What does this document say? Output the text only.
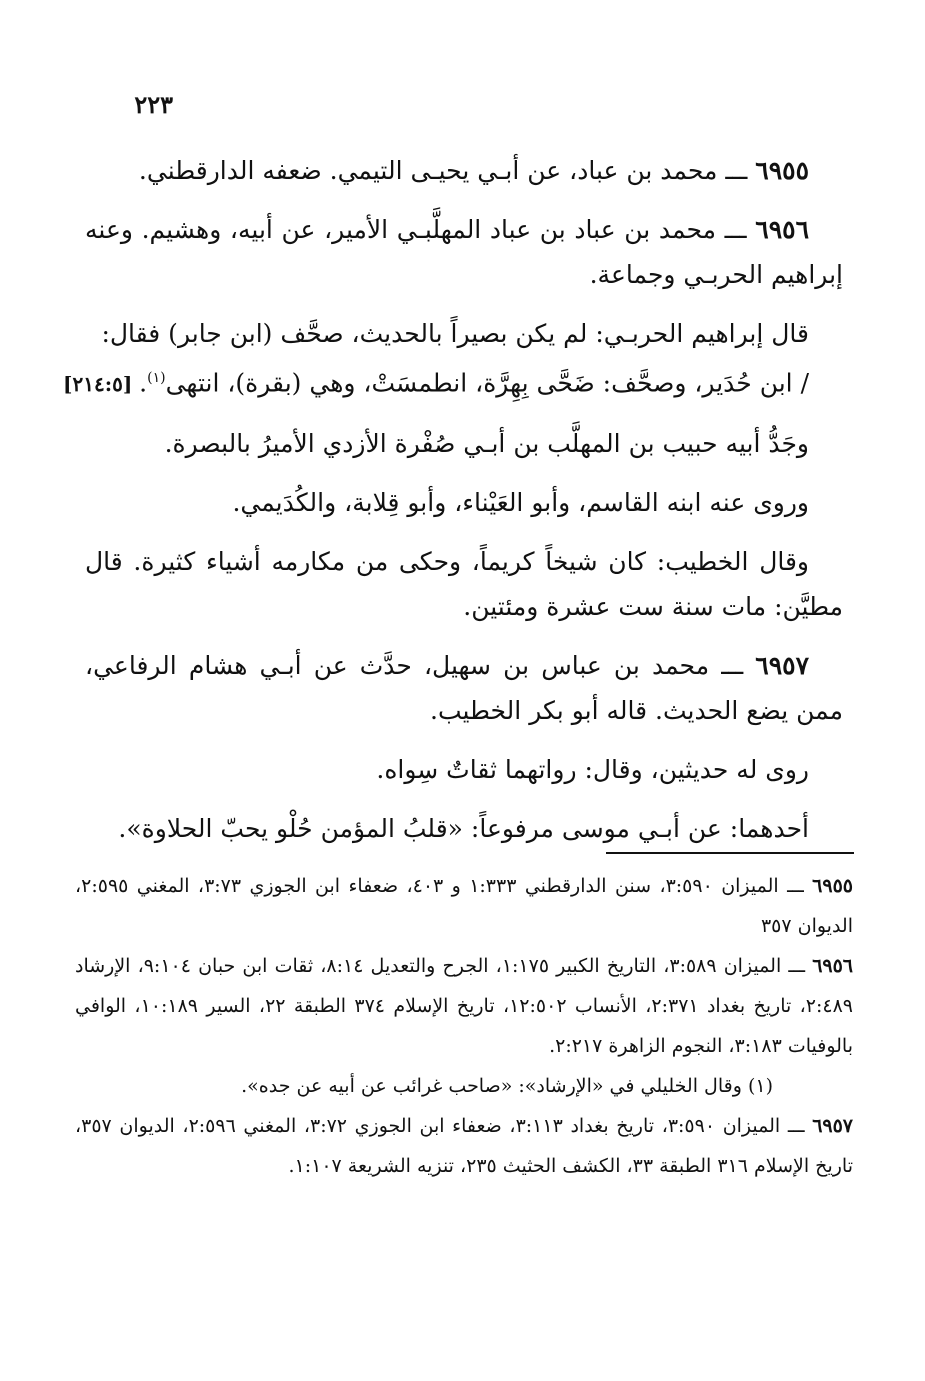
٢٢٣

٦٩٥٥ ـــ محمد بن عباد، عن أبـي يحيـى التيمي. ضعفه الدارقطني.

٦٩٥٦ ـــ محمد بن عباد بن عباد المهلَّبـي الأمير، عن أبيه، وهشيم. وعنه إبراهيم الحربـي وجماعة.

قال إبراهيم الحربـي: لم يكن بصيراً بالحديث، صحَّف (ابن جابر) فقال:
/ ابن حُدَير، وصحَّف: ضَحَّى بِهِرَّة، انطمسَتْ، وهي (بقرة)، انتهى$^{(١)}$.
[٢١٤:٥]

وجَدُّ أبيه حبيب بن المهلَّب بن أبـي صُفْرة الأزدي الأميرُ بالبصرة.

وروى عنه ابنه القاسم، وأبو العَيْناء، وأبو قِلابة، والكُدَيمي.

وقال الخطيب: كان شيخاً كريماً، وحكى من مكارمه أشياء كثيرة. قال مطيَّن: مات سنة ست عشرة ومئتين.

٦٩٥٧ ـــ محمد بن عباس بن سهيل، حدَّث عن أبـي هشام الرفاعي، ممن يضع الحديث. قاله أبو بكر الخطيب.

روى له حديثين، وقال: رواتهما ثقاتٌ سِواه.

أحدهما: عن أبـي موسى مرفوعاً: «قلبُ المؤمن حُلْو يحبّ الحلاوة».

٦٩٥٥ ـــ الميزان ٣:٥٩٠، سنن الدارقطني ١:٣٣٣ و ٤٠٣، ضعفاء ابن الجوزي ٣:٧٣، المغني ٢:٥٩٥، الديوان ٣٥٧

٦٩٥٦ ـــ الميزان ٣:٥٨٩، التاريخ الكبير ١:١٧٥، الجرح والتعديل ٨:١٤، ثقات ابن حبان ٩:١٠٤، الإرشاد ٢:٤٨٩، تاريخ بغداد ٢:٣٧١، الأنساب ١٢:٥٠٢، تاريخ الإسلام ٣٧٤ الطبقة ٢٢، السير ١٠:١٨٩، الوافي بالوفيات ٣:١٨٣، النجوم الزاهرة ٢:٢١٧.

(١) وقال الخليلي في «الإرشاد»: «صاحب غرائب عن أبيه عن جده».

٦٩٥٧ ـــ الميزان ٣:٥٩٠، تاريخ بغداد ٣:١١٣، ضعفاء ابن الجوزي ٣:٧٢، المغني ٢:٥٩٦، الديوان ٣٥٧، تاريخ الإسلام ٣١٦ الطبقة ٣٣، الكشف الحثيث ٢٣٥، تنزيه الشريعة ١:١٠٧.
